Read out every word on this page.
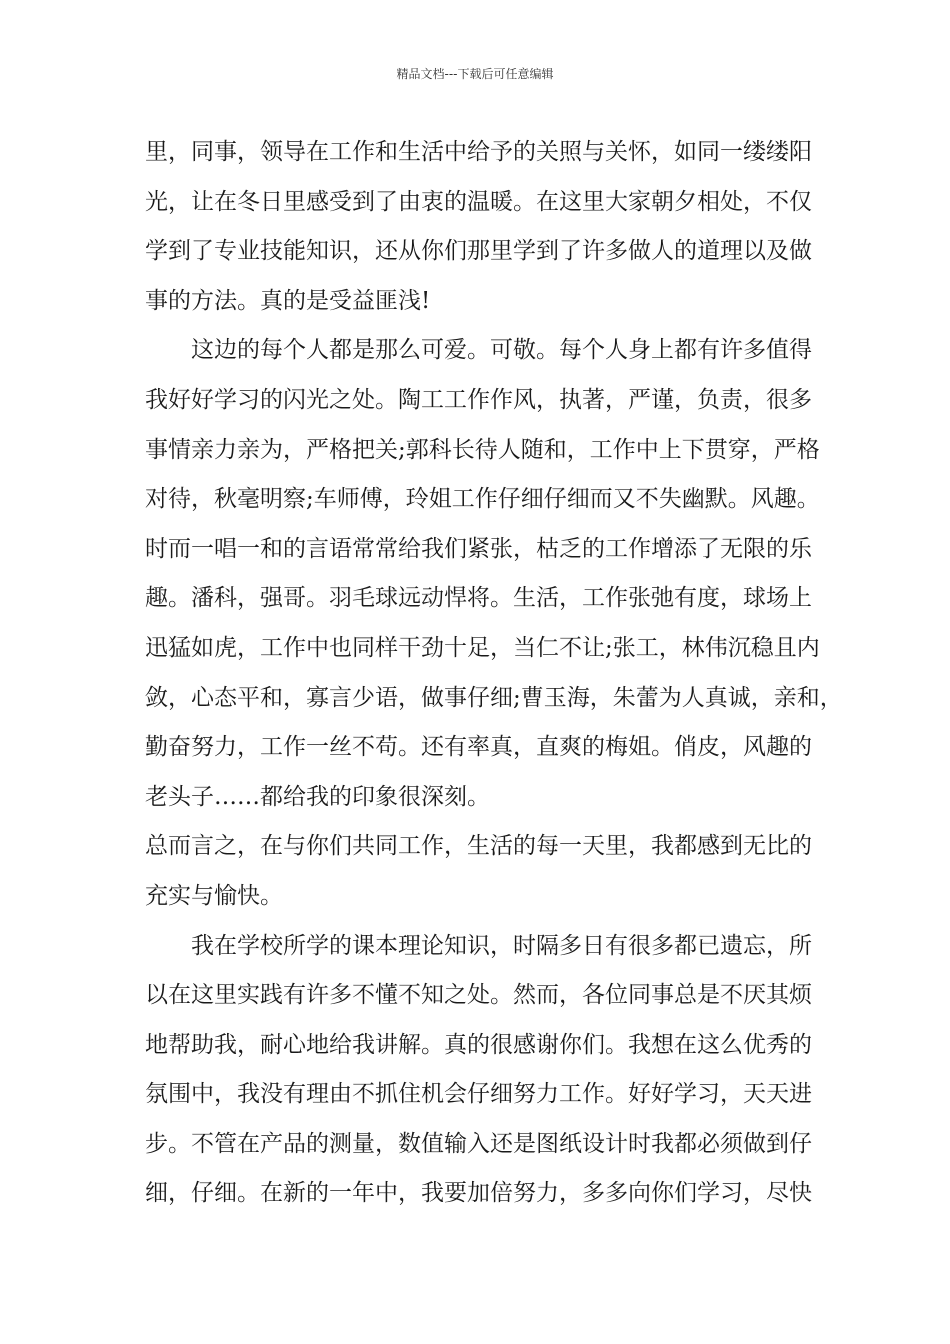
精品文档---下载后可任意编辑
里，同事，领导在工作和生活中给予的关照与关怀，如同一缕缕阳
光，让在冬日里感受到了由衷的温暖。在这里大家朝夕相处，不仅
学到了专业技能知识，还从你们那里学到了许多做人的道理以及做
事的方法。真的是受益匪浅!
这边的每个人都是那么可爱。可敬。每个人身上都有许多值得
我好好学习的闪光之处。陶工工作作风，执著，严谨，负责，很多
事情亲力亲为，严格把关;郭科长待人随和，工作中上下贯穿，严格
对待，秋毫明察;车师傅，玲姐工作仔细仔细而又不失幽默。风趣。
时而一唱一和的言语常常给我们紧张，枯乏的工作增添了无限的乐
趣。潘科，强哥。羽毛球远动悍将。生活，工作张弛有度，球场上
迅猛如虎，工作中也同样干劲十足，当仁不让;张工，林伟沉稳且内
敛，心态平和，寡言少语，做事仔细;曹玉海，朱蕾为人真诚，亲和，
勤奋努力，工作一丝不苟。还有率真，直爽的梅姐。俏皮，风趣的
老头子……都给我的印象很深刻。
总而言之，在与你们共同工作，生活的每一天里，我都感到无比的
充实与愉快。
我在学校所学的课本理论知识，时隔多日有很多都已遗忘，所
以在这里实践有许多不懂不知之处。然而，各位同事总是不厌其烦
地帮助我，耐心地给我讲解。真的很感谢你们。我想在这么优秀的
氛围中，我没有理由不抓住机会仔细努力工作。好好学习，天天进
步。不管在产品的测量，数值输入还是图纸设计时我都必须做到仔
细，仔细。在新的一年中，我要加倍努力，多多向你们学习，尽快
